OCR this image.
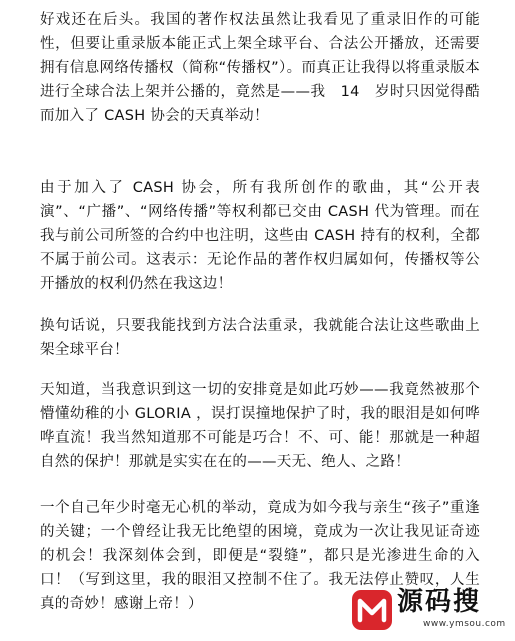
好戏还在后头。我国的著作权法虽然让我看见了重录旧作的可能性，但要让重录版本能正式上架全球平台、合法公开播放，还需要拥有信息网络传播权（简称“传播权”）。而真正让我得以将重录版本进行全球合法上架并公播的，竟然是——我　14　岁时只因觉得酷而加入了 CASH 协会的天真举动！

由于加入了 CASH 协会，所有我所创作的歌曲，其“公开表演”、“广播”、“网络传播”等权利都已交由 CASH 代为管理。而在我与前公司所签的合约中也注明，这些由 CASH 持有的权利，全都不属于前公司。这表示：无论作品的著作权归属如何，传播权等公开播放的权利仍然在我这边！

换句话说，只要我能找到方法合法重录，我就能合法让这些歌曲上架全球平台！

天知道，当我意识到这一切的安排竟是如此巧妙——我竟然被那个懵懂幼稚的小 GLORIA ，误打误撞地保护了时，我的眼泪是如何哗哗直流！我当然知道那不可能是巧合！不、可、能！那就是一种超自然的保护！那就是实实在在的——天无、绝人、之路！

一个自己年少时毫无心机的举动，竟成为如今我与亲生“孩子”重逢的关键；一个曾经让我无比绝望的困境，竟成为一次让我见证奇迹的机会！我深刻体会到，即便是“裂缝”，都只是光渗进生命的入口！（写到这里，我的眼泪又控制不住了。我无法停止赞叹，人生真的奇妙！感谢上帝！）	源码搜
www.ymsou.com
